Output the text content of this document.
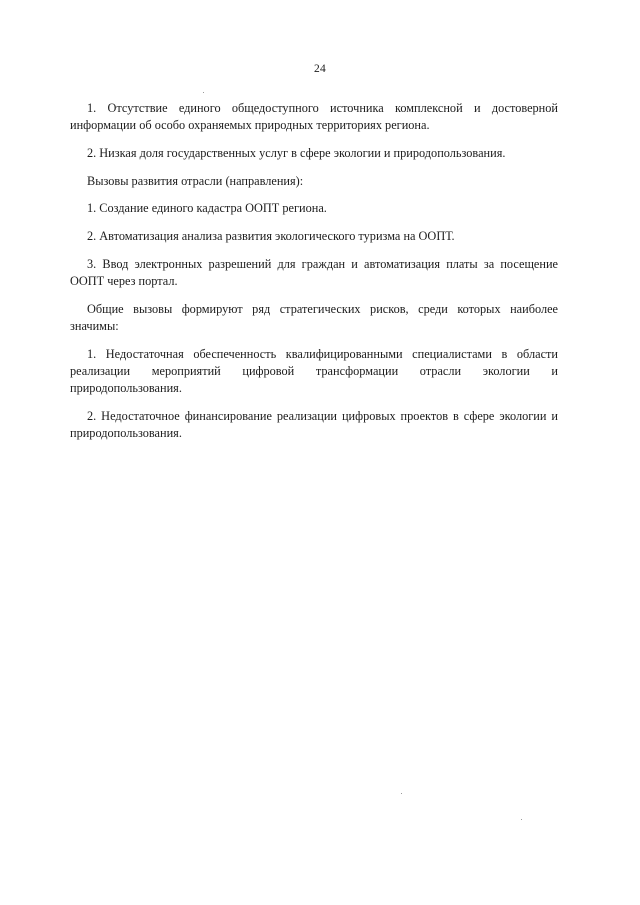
24

1. Отсутствие единого общедоступного источника комплексной и достоверной информации об особо охраняемых природных территориях региона.

2. Низкая доля государственных услуг в сфере экологии и природопользования.

Вызовы развития отрасли (направления):

1. Создание единого кадастра ООПТ региона.

2. Автоматизация анализа развития экологического туризма на ООПТ.

3. Ввод электронных разрешений для граждан и автоматизация платы за посещение ООПТ через портал.

Общие вызовы формируют ряд стратегических рисков, среди которых наиболее значимы:

1. Недостаточная обеспеченность квалифицированными специалистами в области реализации мероприятий цифровой трансформации отрасли экологии и природопользования.

2. Недостаточное финансирование реализации цифровых проектов в сфере экологии и природопользования.
